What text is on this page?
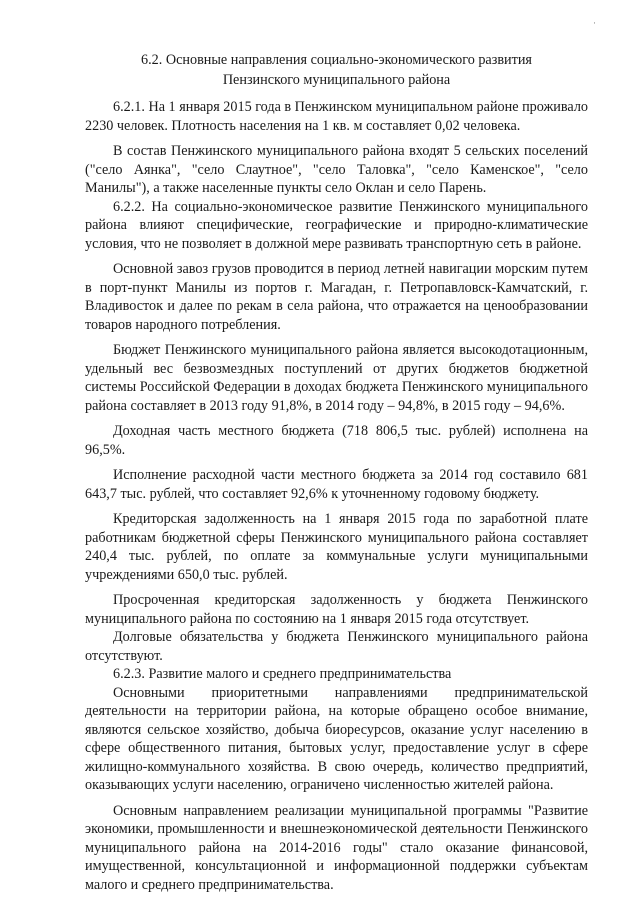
·
6.2. Основные направления социально-экономического развития
Пензинского муниципального района

6.2.1. На 1 января 2015 года в Пенжинском муниципальном районе проживало 2230 человек. Плотность населения на 1 кв. м составляет 0,02 человека.

В состав Пенжинского муниципального района входят 5 сельских поселений ("село Аянка", "село Слаутное", "село Таловка", "село Каменское", "село Манилы"), а также населенные пункты село Оклан и село Парень.

6.2.2. На социально-экономическое развитие Пенжинского муниципального района влияют специфические, географические и природно-климатические условия, что не позволяет в должной мере развивать транспортную сеть в районе.

Основной завоз грузов проводится в период летней навигации морским путем в порт-пункт Манилы из портов г. Магадан, г. Петропавловск-Камчатский, г. Владивосток и далее по рекам в села района, что отражается на ценообразовании товаров народного потребления.

Бюджет Пенжинского муниципального района является высокодотационным, удельный вес безвозмездных поступлений от других бюджетов бюджетной системы Российской Федерации в доходах бюджета Пенжинского муниципального района составляет в 2013 году 91,8%, в 2014 году – 94,8%, в 2015 году – 94,6%.

Доходная часть местного бюджета (718 806,5 тыс. рублей) исполнена на 96,5%.

Исполнение расходной части местного бюджета за 2014 год составило 681 643,7 тыс. рублей, что составляет 92,6% к уточненному годовому бюджету.

Кредиторская задолженность на 1 января 2015 года по заработной плате работникам бюджетной сферы Пенжинского муниципального района составляет 240,4 тыс. рублей, по оплате за коммунальные услуги муниципальными учреждениями 650,0 тыс. рублей.

Просроченная кредиторская задолженность у бюджета Пенжинского муниципального района по состоянию на 1 января 2015 года отсутствует.

Долговые обязательства у бюджета Пенжинского муниципального района отсутствуют.

6.2.3. Развитие малого и среднего предпринимательства

Основными приоритетными направлениями предпринимательской деятельности на территории района, на которые обращено особое внимание, являются сельское хозяйство, добыча биоресурсов, оказание услуг населению в сфере общественного питания, бытовых услуг, предоставление услуг в сфере жилищно-коммунального хозяйства. В свою очередь, количество предприятий, оказывающих услуги населению, ограничено численностью жителей района.

Основным направлением реализации муниципальной программы "Развитие экономики, промышленности и внешнеэкономической деятельности Пенжинского муниципального района на 2014-2016 годы" стало оказание финансовой, имущественной, консультационной и информационной поддержки субъектам малого и среднего предпринимательства.
